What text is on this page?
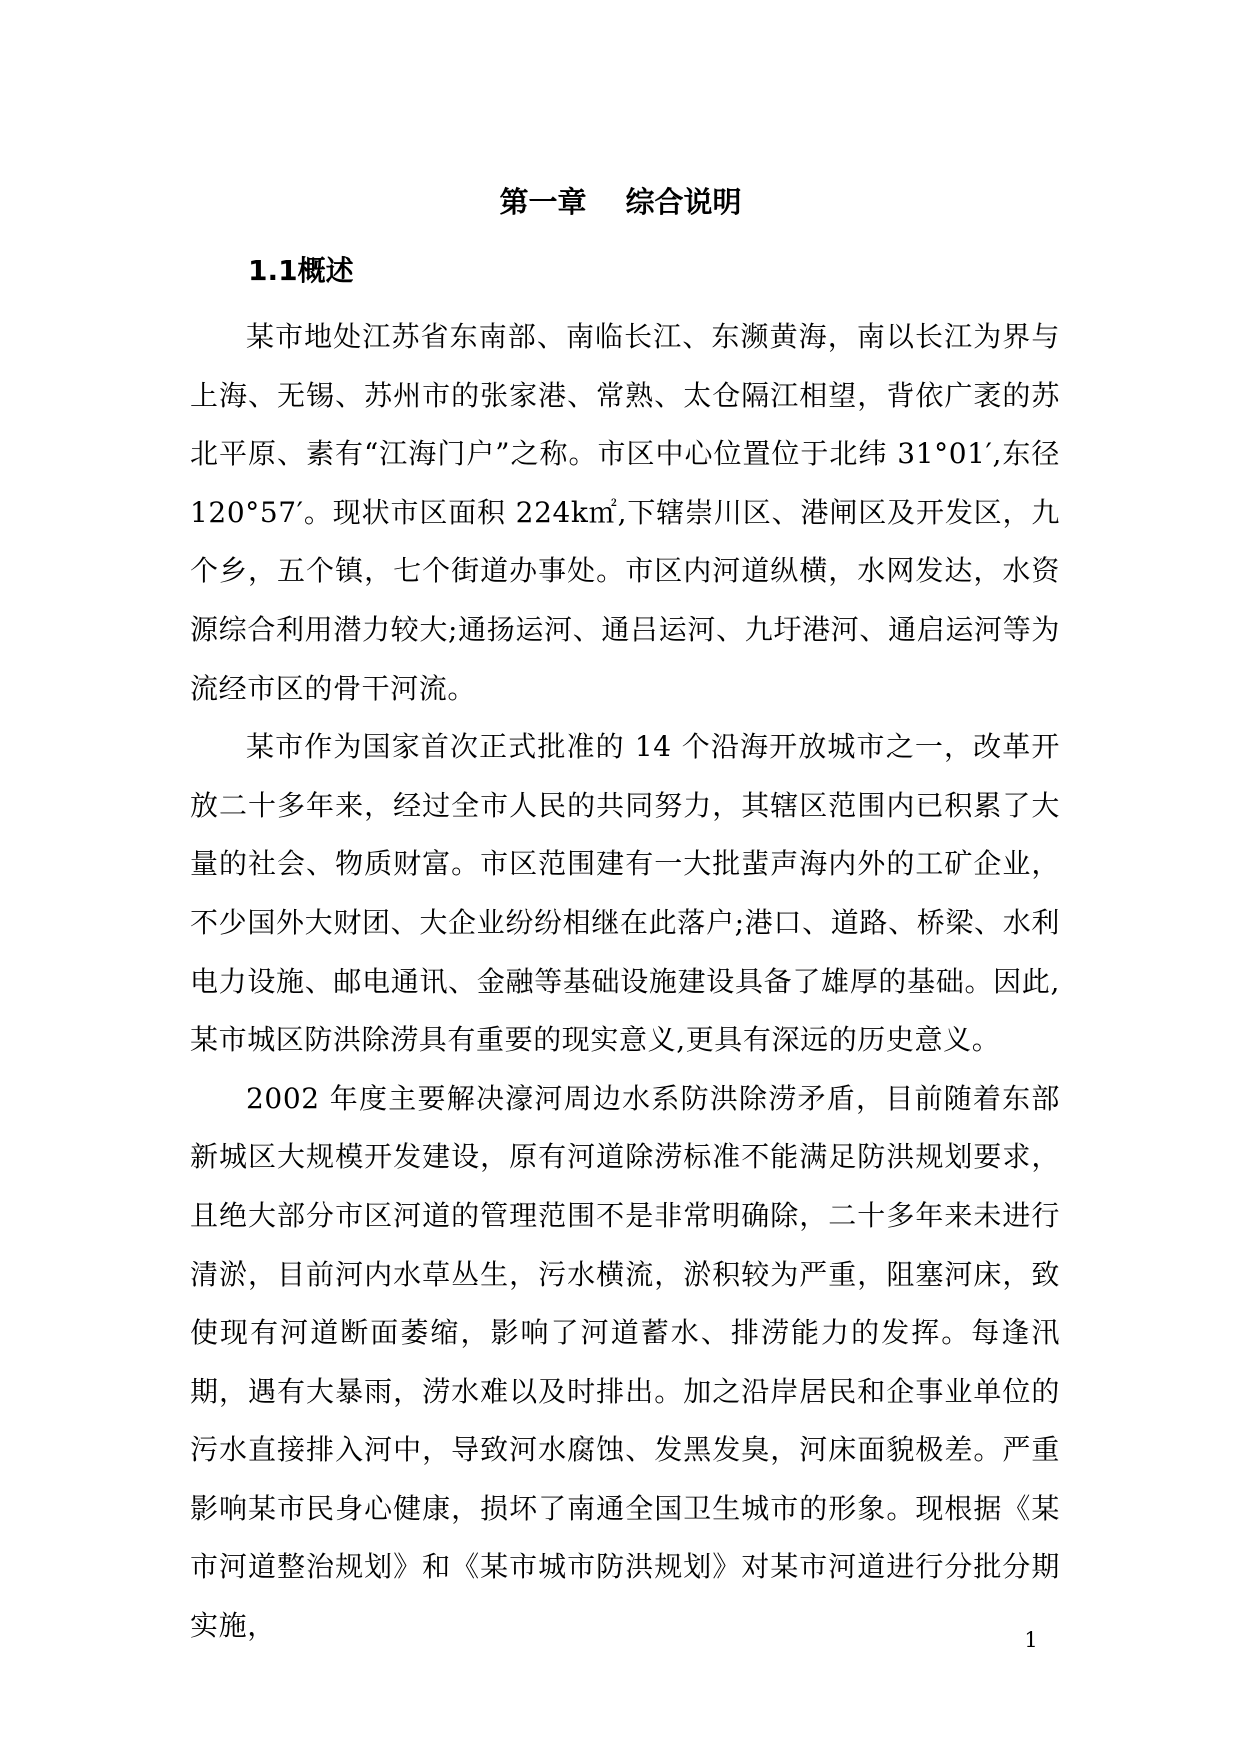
第一章　 综合说明
1.1概述

某市地处江苏省东南部、南临长江、东濒黄海，南以长江为界与上海、无锡、苏州市的张家港、常熟、太仓隔江相望，背依广袤的苏北平原、素有“江海门户”之称。市区中心位置位于北纬 31°01′,东径 120°57′。现状市区面积 224k㎡,下辖崇川区、港闸区及开发区，九个乡，五个镇，七个街道办事处。市区内河道纵横，水网发达，水资源综合利用潜力较大;通扬运河、通吕运河、九圩港河、通启运河等为流经市区的骨干河流。

某市作为国家首次正式批准的 14 个沿海开放城市之一，改革开放二十多年来，经过全市人民的共同努力，其辖区范围内已积累了大量的社会、物质财富。市区范围建有一大批蜚声海内外的工矿企业，不少国外大财团、大企业纷纷相继在此落户;港口、道路、桥梁、水利电力设施、邮电通讯、金融等基础设施建设具备了雄厚的基础。因此,某市城区防洪除涝具有重要的现实意义,更具有深远的历史意义。

2002 年度主要解决濠河周边水系防洪除涝矛盾，目前随着东部新城区大规模开发建设，原有河道除涝标准不能满足防洪规划要求，且绝大部分市区河道的管理范围不是非常明确除，二十多年来未进行清淤，目前河内水草丛生，污水横流，淤积较为严重，阻塞河床，致使现有河道断面萎缩，影响了河道蓄水、排涝能力的发挥。每逢汛期，遇有大暴雨，涝水难以及时排出。加之沿岸居民和企事业单位的污水直接排入河中，导致河水腐蚀、发黑发臭，河床面貌极差。严重影响某市民身心健康，损坏了南通全国卫生城市的形象。现根据《某市河道整治规划》和《某市城市防洪规划》对某市河道进行分批分期实施，	1
